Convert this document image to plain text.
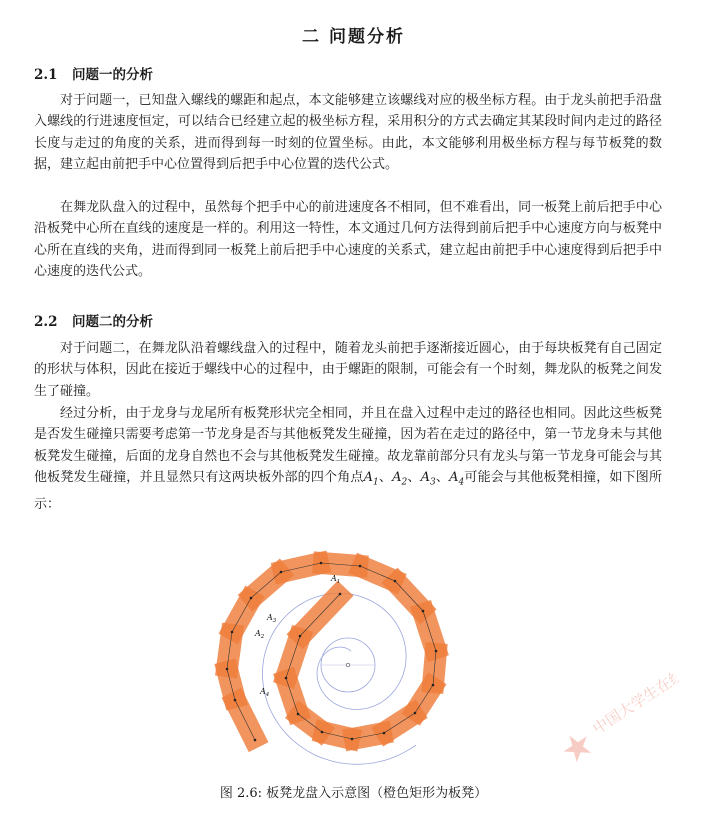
二 问题分析
2.1 问题一的分析

对于问题一，已知盘入螺线的螺距和起点，本文能够建立该螺线对应的极坐标方程。由于龙头前把手沿盘入螺线的行进速度恒定，可以结合已经建立起的极坐标方程，采用积分的方式去确定其某段时间内走过的路径长度与走过的角度的关系，进而得到每一时刻的位置坐标。由此，本文能够利用极坐标方程与每节板凳的数据，建立起由前把手中心位置得到后把手中心位置的迭代公式。

在舞龙队盘入的过程中，虽然每个把手中心的前进速度各不相同，但不难看出，同一板凳上前后把手中心沿板凳中心所在直线的速度是一样的。利用这一特性，本文通过几何方法得到前后把手中心速度方向与板凳中心所在直线的夹角，进而得到同一板凳上前后把手中心速度的关系式，建立起由前把手中心速度得到后把手中心速度的迭代公式。

2.2 问题二的分析

对于问题二，在舞龙队沿着螺线盘入的过程中，随着龙头前把手逐渐接近圆心，由于每块板凳有自己固定的形状与体积，因此在接近于螺线中心的过程中，由于螺距的限制，可能会有一个时刻，舞龙队的板凳之间发生了碰撞。

经过分析，由于龙身与龙尾所有板凳形状完全相同，并且在盘入过程中走过的路径也相同。因此这些板凳是否发生碰撞只需要考虑第一节龙身是否与其他板凳发生碰撞，因为若在走过的路径中，第一节龙身未与其他板凳发生碰撞，后面的龙身自然也不会与其他板凳发生碰撞。故龙靠前部分只有龙头与第一节龙身可能会与其他板凳发生碰撞，并且显然只有这两块板外部的四个角点$A_1$、$A_2$、$A_3$、$A_4$可能会与其他板凳相撞，如下图所示：

$A_1$
$A_3$
$A_2$
$A_4$
图 2.6: 板凳龙盘入示意图（橙色矩形为板凳）
★
中国大学生在线
